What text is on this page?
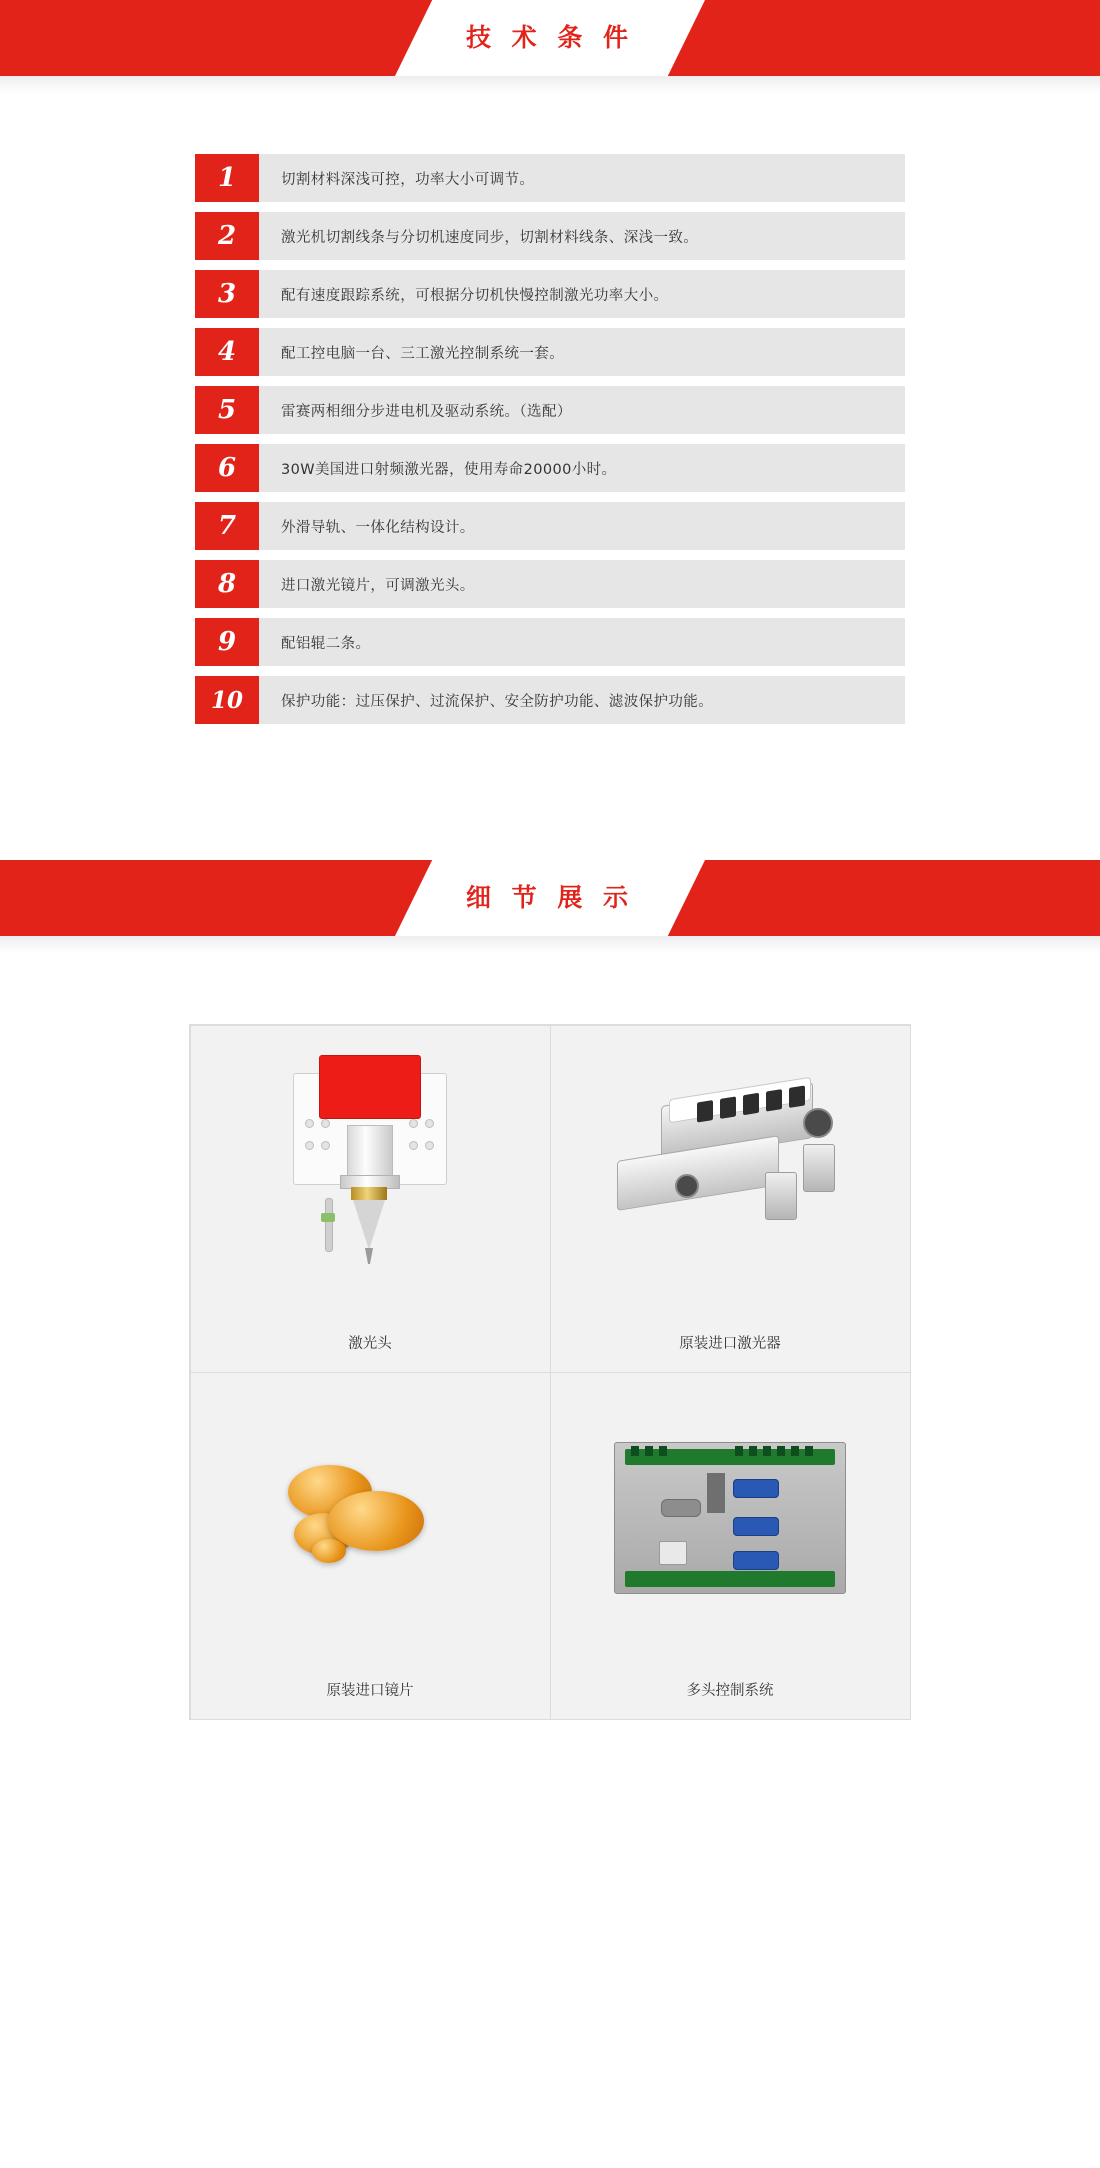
技 术 条 件
1	切割材料深浅可控，功率大小可调节。
2	激光机切割线条与分切机速度同步，切割材料线条、深浅一致。
3	配有速度跟踪系统，可根据分切机快慢控制激光功率大小。
4	配工控电脑一台、三工激光控制系统一套。
5	雷赛两相细分步进电机及驱动系统。（选配）
6	30W美国进口射频激光器，使用寿命20000小时。
7	外滑导轨、一体化结构设计。
8	进口激光镜片，可调激光头。
9	配铝辊二条。
10	保护功能：过压保护、过流保护、安全防护功能、滤波保护功能。
细 节 展 示
激光头	原装进口激光器
原装进口镜片	多头控制系统
